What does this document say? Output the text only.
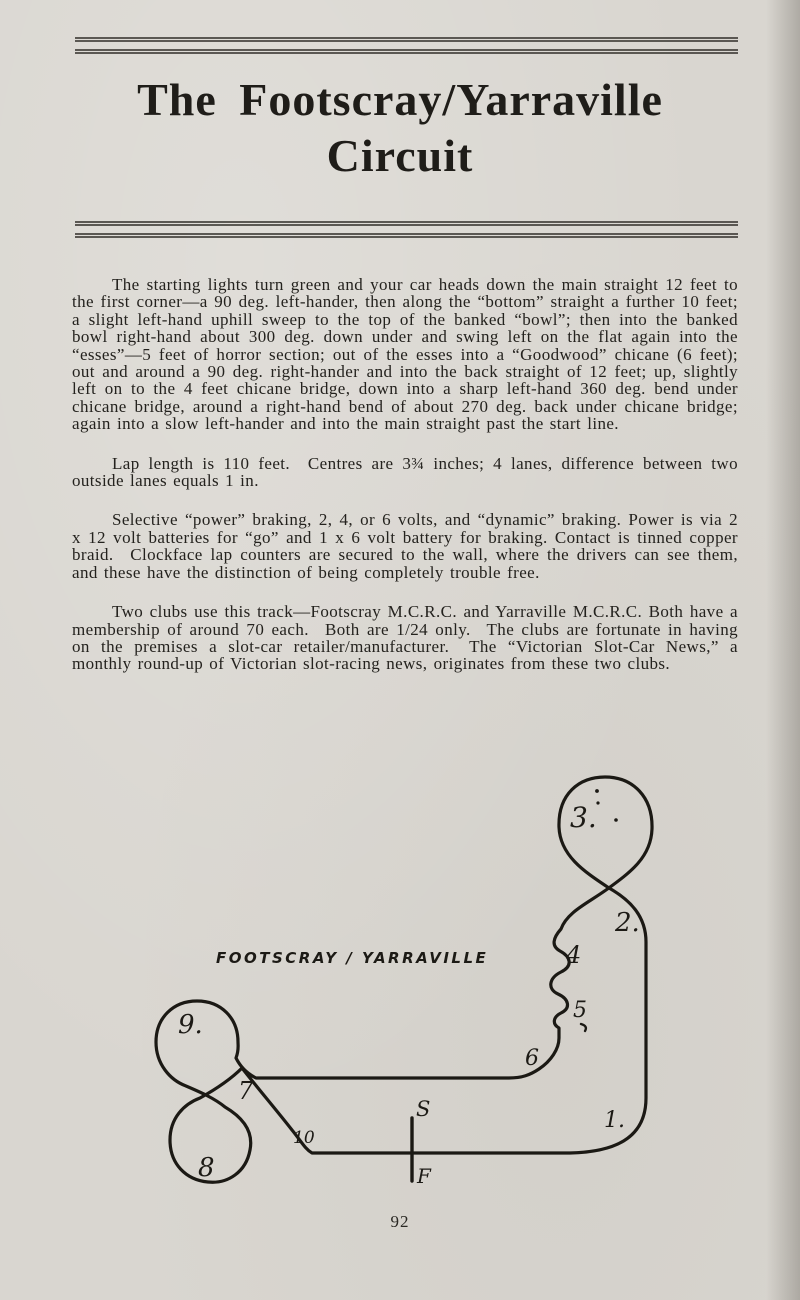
The Footscray/Yarraville
Circuit

The starting lights turn green and your car heads down the main straight 12 feet to the first corner—a 90 deg. left-hander, then along the “bottom” straight a further 10 feet; a slight left-hand uphill sweep to the top of the banked “bowl”; then into the banked bowl right-hand about 300 deg. down under and swing left on the flat again into the “esses”—5 feet of horror section; out of the esses into a “Goodwood” chicane (6 feet); out and around a 90 deg. right-hander and into the back straight of 12 feet; up, slightly left on to the 4 feet chicane bridge, down into a sharp left-hand 360 deg. bend under chicane bridge, around a right-hand bend of about 270 deg. back under chicane bridge; again into a slow left-hander and into the main straight past the start line.

Lap length is 110 feet.  Centres are 3¾ inches; 4 lanes, difference between two outside lanes equals 1 in.

Selective “power” braking, 2, 4, or 6 volts, and “dynamic” braking. Power is via 2 x 12 volt batteries for “go” and 1 x 6 volt battery for braking. Contact is tinned copper braid.  Clockface lap counters are secured to the wall, where the drivers can see them, and these have the distinction of being completely trouble free.

Two clubs use this track—Footscray M.C.R.C. and Yarraville M.C.R.C. Both have a membership of around 70 each.  Both are 1/24 only.  The clubs are fortunate in having on the premises a slot-car retailer/manufacturer.  The “Victorian Slot-Car News,” a monthly round-up of Victorian slot-racing news, originates from these two clubs.

1.
2.
3.
4
5
6
7
8
9.
10
S
F
FOOTSCRAY / YARRAVILLE
92
